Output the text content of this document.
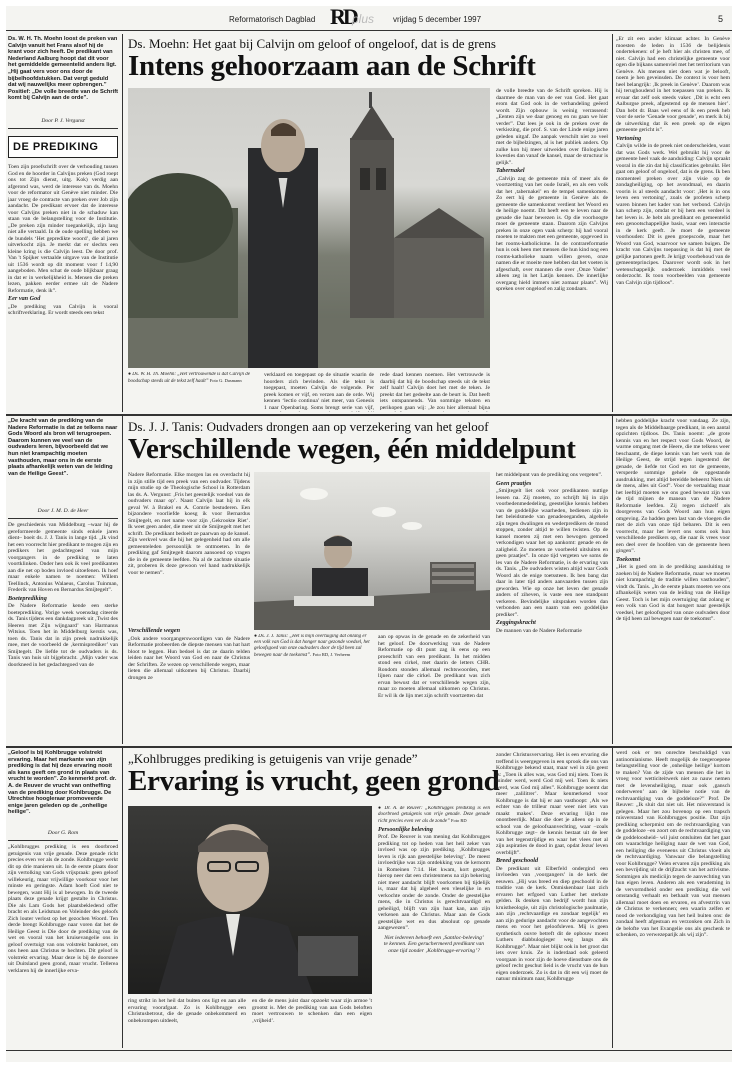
RD
plus
Reformatorisch Dagblad	vrijdag 5 december 1997	5
Ds. W. H. Th. Moehn loost de preken van Calvijn vanuit het Frans alsof hij de krant voor zich heeft. De predikant van Nederland Aalburg hoopt dat dit voor het gemiddelde gemeentelid anders ligt. „Hij gaat vers voor ons door de bijbelhoofdstukken. Dat vergt geduld dat wij nauwelijks meer opbrengen.” Positief: „De volle breedte van de Schrift komt bij Calvijn aan de orde”.
Door P. J. Vergunst
DE PREDIKING

Toen zijn proefschrift over de verhouding tussen God en de hoorder in Calvijns preken (God roept ons tot Zijn dienst, uitg. Kok) verdig aan afgerond was, werd de interesse van ds. Moehn voor de reformator uit Genève niet minder. Die jaar vroeg de contracte van preken over Job zijn aandacht. De predikant ervoer dat de interesse voor Calvijns preken niet in de schaduw kan staan van de belangstelling voor de Institutie. „De preken zijn minder toegankelijk, zijn lang niet alle vertaald. In de oude spelling hebben we de bundels ‘Het geprediktе woord’, die al jaren uitverkocht zijn. Je merkt dat er slechts een kleine kring is die Calvijn leest. De door prof. Van 't Spijker vertaalde uitgave van de Institutie uit 1536 wordt op dit moment voor f 14,90 aangeboden. Men schat de oude blijkbaar graag in dat er in werkelijkheid is. Mensen die preken lezen, pakken eerder ermee uit de Nadere Reformatie, denk ik”.

Eer van God

„De prediking van Calvijn is vooral schriftverklaring. Er wordt steeds een tekst

Ds. Moehn: Het gaat bij Calvijn om geloof of ongeloof, dat is de grens
Intens gehoorzaam aan de Schrift
● Ds. W. H. Th. Moehn: „Het vertrouwende is dat Calvijn de boodschap steeds uit de tekst zelf haalt” Foto G. Dasmann
verklaard en toegepast op de situatie waarin de hoorders zich bevinden. Als die tekst is toegepast, moeten Calvijn de volgende. Per preek komen er vijf, en verzen aan de orde. Wij kennen ‘lectio continua’ niet meer, van Genesis 1 naar Openbaring. Soms brengt serie van vijf,
rede daad kennen noemen. Het vertrouwde is daarbij dat hij de boodschap steeds uit de tekst zelf haalt! Calvijn doet het met de teken. Je preekt dat het gedeelte aan de beurt is. Dat heeft iets ontspannends. Van sommige teksten en perikopen gaan wij: ‚Je zou hier allemaal bijna

de volle breedte van de Schrift spreken. Hij is daarmee de man van de eer van God. Het gaat erom dat God ook in de verhandeling geëerd wordt. Zijn opbouw is weinig verrassend: „Eenten zijn we daar genoeg en nu gaan we hier verder”. Dat lees je ook in de preken over de verkiezing, die prof. S. van der Linde enige jaren geleden uitgaf. De aanpak verschilt niet zo veel met de bijbelzingen, al is het publiek anders. Op zulke kon hij meer uitweiden over filologische kwesties dan vanaf de kansel, maar de structuur is gelijk”.

Tabernakel

„Calvijn zag de gemeente min of meer als de voortzetting van het oude Israël, en als een volk dat het ‚tabernakel’ en de tempel samenkomen. Zo eert hij de gemeente in Genève als de gemeente die samenkomst verdient het Woord en de heilige noemt. Dit heeft een te leven naar de genade die haar bewezen is. Op die voorhoogte moet de gemeente staan. Daarom zijn Calvijns preken in onze ogen vaak scherp: hij had vooral moeten te makten met een gemeente, opgevoed in het rooms-katholicisme. In de contrareformatie hun is ook heen met mensen die hun kind nog een rooms-katholieke naam willen geven, onze namen die er moeite mee hebben dat het voeten is afgeschaft, over mannen die over ‚Onze Vader’ alleen zeg in het Latijn kennen. De innerlijke overgang hield immers niet zomaar plaats”. Wij spreken over ongeloof en zalig zondaars.

„Er zit een ander klimaat achter. In Genève moesten de leden in 1536 de belijdenis ondertekenen: of je heft hier als christen mee, of niet. Calvijn had een christelijke gemeente voor ogen die bijkans samenviel met het territorium van Genève. Als mensen niet doen wat je belooft, noem je hen geveinsden. De context is voor hem heel belangrijk: ‚Ik preek in Genève’. Daarom was hij terughoudend in het toepassen van preken. Ik ervaar dat zelf ook steeds vaker. ‚Dit is echt een Aalburgse preek, afgestemd op de mensen hier’. Dan hebt dr. Baas wel eens of ik een preek heb voor de serie ‘Genade voor genade’, en merk ik bij de uitwerking dat ik een preek op de eigen gemeente gericht is”.

Vertoning

Calvijn wilde in de preek niet onderscheiden, want dat was Gods werk. Wel gebruikt hij voor de gemeente heel vaak de aanduiding: Calvijn spraakt vooral in die zin dat hij classificaties gebruikt. Het gaat om geloof of ongeloof, dat is de grens. Ik ben momenteel preken over zijn visie op de zondagheiliging, op het avondmaal, en daarin voorin is al steeds aandacht voor: ‚Het is in ons leven een vertoning’, zoals de profeten scherp waren binnen het kader van het verbond. Calvijn kan scherp zijn, omdat er bij hem een verdeel is het leven is. Je hebt als predikant en gemeentelid een genootschappelijke basis, waar een interactie in de kerk geeft. Je moet de gemeente voorhouden: Dit is geen groepscode, maar het Woord van God, waarvoor we samen buigen. De kracht van Calvijns toepassing is dat hij met de gelijke partonen geeft. Je krijgt voorbehoud van de gemeenteprincipes. Daarover wordt ook in het wetenschappelijk onderzoek inmiddels veel onderzocht. Ik toon voorbeelden van gemeente van Calvijn zijn tijdloos”.

„De kracht van de prediking van de Nadere Reformatie is dat ze telkens naar Gods Woord als bron wil terugroepen. Daarom kunnen we veel van de oudvaders leren, bijvoorbeeld dat we hun niet krampachtig moeten vasthouden, maar ons in de eerste plaats afhankelijk weten van de leiding van de Heilige Geest”.
Door J. M. D. de Heer

De geschiedenis van Middelburg –waar hij de gereformeerde gemeente sinds enkele jaren dient– boeit ds. J. J. Tanis in lange tijd. „Ik vind het een voorrecht hier predikant te mogen zijn en predikers het gedachtegoed van mijn voorgangers in de prediking te laten voortklinken. Onder hen ook ik veel predikanten aan die net op boden invloed uitoefenen. Ik hoef maar enkele namen te noemen: Willem Teellinck, Antonius Walaeus, Carolus Tuinman, Frederik van Hoven en Bernardus Smijtegelt”.

Boeteprediking

De Nadere Reformatie kende een sterke boeteprediking. Vorige week woensdag citeerde ds. Tanis tijdens een dankdagpreek uit ‚Twist des Heeren met Zijn wijngaard’ van Harmanus Witsius. Toen het in Middelburg kerstis was, toen ds. Tanis dat in zijn preek nadrukkelijk mee, met de voorbeeld de ‚kermisprediker’ van Smijtegelt. De liefde tot de oudvaders is ds. Tanis van huis uit bijgebracht. „Mijn vader was doorkneed in het gedachtegoed van de

Ds. J. J. Tanis: Oudvaders drongen aan op verzekering van het geloof
Verschillende wegen, één middelpunt
Nadere Reformatie. Elke morgen las en overdacht hij in zijn stille tijd een preek van een oudvader. Tijdens mijn studie op de Theologische School in Rotterdam las ds. A. Vergunst: ‚Fris het geestelijk voedsel van de oudvaders maar op’. Naast Calvijn laat hij in elk geval W. à Brakel en A. Comrie bestuderen. Een bijzondere voorliefde koesg ik voor Bernardus Smijtegelt, en met name voor zijn ‚Gekrookte Riet’. Ik weet geen ander, die meer uit de Smijtegelt met het schrift. De predikant bedoelt ze paarwan op de kansel. Zijn werkvel was die hij het gelegenheid had om alle gemeenteleden persoonlijk te ontmoeten. In de prediking gaf Smijtegelt daarom aansoend op vragen die in de gemeente leefden. Na al de zachtste situatie zit, proberen ik deze gewoon vel hand nadrukkelijk voor te nemen”.
● Ds. J. J. Tanis: „Het is mijn overtuiging dat onlang er een volk van God is dat honger naar gezonde voedsel, het geloofsgoed van onze oudvaders door de tijd heen zal bewegen naar de toekomst”. Foto RD, J. Verheem

Verschillende wegen

„Ook andere voorgangerswoordigen van de Nadere Reformatie probeerden de diepste mensen van hat hart bloot te leggen. Hun bedoel is dat ze daarin telden leiden naar het Woord van God en naar de Christus der Schriften. Ze wezen op verschillende wegen, maar lieten die allemaal uitkomen bij Christus. Daarbij drongen ze

aan op opwas in de genade en de zekerheid van het geloof. De doorwerking van de Nadere Reformatie op dit punt zag ik eens op een proeschrift van een predikant. In het midden stond een cirkel, met daarin de letters CHR. Rondom stonden allemaal rechtswoorden, met lijnen naar die cirkel. De predikant was zich ervan bewust dat er verschillende wegen zijn, maar zo moeten allemaal uitkomen op Christus. Er wil ik de lijn met zijn schrift voortzetten dat

het middelpunt van de prediking ons vergeten”.

Geen praatjes

„Smijtegelt liet ook voor predikanten nuttige lessen na. Zij moeten, zo schrijft hij in zijn voorbedenmededeling, geestelijke kennis hebben van de goddelijke waarheden, bedienen zijn in het beleidsmede van genadeoeganden, algehele zijn tegen dwalingen en wederpredikers de mond stoppen, zonder altijd te willen twisten. Op de kansel moeten zij met een bewogen gemoed verkondigen waar het op aankomt: genade en de zaligheid. Zo moeten ze voorbeeld uitsluiten en geen praatjes”. In onze tijd vergeten we soms de les van de Nadere Reformatie, is de ervaring van ds. Tanis. „De oudvaders wisten altijd waar Gods Woord als de enige toetssteen. Ik ben bang dat daar in later tijd anders aanvaarden tussen zijn geworden. Wie op onze het leven der genade anders of ziheven, is vaste een nee standpunt verkeren. Bevindelijke uitspraken worden dan verbonden aan een naam van een goddelijke prediker”.

Zeggingskracht

De mannen van de Nadere Reformatie

hebben goddelijke kracht voor vandaag. Ze zijn, tegen als de Middelbaarge predikant, in een aantal opzichten tijdloos. Ds. Tanis noemt: „de grote kennis van en het respect voor Gods Woord, de warme omgang met de Heere, die me telkens weer beschaamt, de diepe kennis van het werk van de Heilige Geest, de strijd tegen ingestemd der genade, de liefde tot God en tot de gemeente, versperde sommige gehele de opgestande ausdrukking, met altijd bereidde beheerst Niets uit de mens, alles uit God”. Voor de vertaaldag maar het leeftijd moeten we ons goed bewust zijn van de tijd mijnen de manean van de Nadere Reformatie leefden. Zij regen zichzelf als doorgevens van Gods Woord aan hun eigen omgeving. Zo hadden geen last van de vloegen die met de zich van onze tijd bebaren. Dit is een voorrecht, maar het levert ons soms ook hun verschillende predikers op, die naar ik vrees voor een deel over de hoofden van de gemeente heen gingen”.

Toekomst

„Het is goed om in de prediking aansluiting te zoeken bij de Nadere Reformatie, maar we moeten niet krampachtig de traditie willen vasthouden”, vindt ds. Tanis. „In de eerste plaats moeten we ons afhankelijk weten van de leiding van de Heilige Geest. Toch is het mijn overtuiging dat zolang er een volk van God is dat hongert naar geestelijk voedsel, het geloofsgoed van onze oudvaders door de tijd heen zal bewegen naar de toekomst”.

„Geloof is bij Kohlbrugge volstrekt ervaring. Maar het markante van zijn prediking is dat hij deze ervaring nooit als kans geeft om grond in plaats van vrucht te worden”. Zo kenmerkt prof. dr. A. de Reuver de vrucht van ontheffing van de prediking door Kohlbrugge. De Utrechtse hoogleraar promoveerde enige jaren geleden op de „onheilige heilige”.
Door G. Rom
„Kohlbrugges prediking is een doorbroed getuigenis van vrije genade. Deze genade richt precies even ver als de zonde. Kohlbrugge werkt dit op drie manieren uit. In de eerste plaats door zijn vertolking van Gods vrijspraak: geen geloof willekeurig, maar vrijwillige voorkour voor het minste en geringste. Adam hoeft God niet te bewegen, want Hij is al bewogen. In de tweede plaats deze genade krijgt gestalte in Christus. Die als Lam Gods het plaatsbekledend offer bracht en als Leidsman en Voleinder des geloofs Zich louter verlost op het gezochen Woord. Ten derde brengt Kohlbrugge naar voren dat het de Heilige Geest is Die door de prediking van de wet en vooral van het kruisevangelie ons in geloof overtuigt van ons volstrekt bankroet, om ons heen aan Christus te hechten. Dit geloof is volstrekt ervaring. Maar deze is bij de doorsnee uit Duitsland geen grond, maar vrucht. Tellerea verklaren hij de innerlijke erva-
„Kohlbrugges prediking is getuigenis van vrije genade”
Ervaring is vrucht, geen grond
ring strikt in het heil dat buiten ons ligt en aan alle ervaring voorafgaat. Zo is Kohlbrugge een Christusbetrout, die de genade onbekommerd en onbekrompen uitdeelt,
en die de mens juist daar opzoekt waar zijn armoe 't grootst is. Met de prediking van aan Gods beloften moet vertrouwen te schenken dan een eigen ‚vrijheid’.

● Dr. A. de Reuver: „Kohlbrugges prediking is een doorbroed getuigenis van vrije genade. Deze genade richt precies even ver als de zonde” Foto RD

Persoonlijke beleving

Prof. De Reuver is van mening dat Kohlbrugges prediking tot op heden van het heil zeker van invloed was op zijn prediking. ‚Kohlbrugges leven is rijk aan geestelijke beleving’. De meest invloedrijke was zijn ontdekking van de kernorm in Romeinen 7:14. Het kwam, kort gezegd, hierop neer dat een christenmens na zijn bekering niet meer aandacht blijft voorkomen bij tijdelijk is, maar dat hij algeheel een vleselijke in en verkochte onder de zonde. Onder de geestelijke mens, die in Christus is gerechtvaardigd en geheiligd, blijft van zijn haat kan, aan zijn verkenen aan de Christus. Maar aan de Gods geestelijke wet en dus absoluut op genade aangewezen”.

Niet iedereen behoeft een ‚Santloc-beleving’ te kennen. Een geruchermeerd predikant van onze tijd zonder ‚Kohlbrugge-ervaring’?

zonder Christusvervaring. Het is een ervaring die treffend is weergegeven in een sprook die ons van Kohlbrugge bekend staat, maar wel in zijn geest is: „Toen ik alles was, was God mij niets. Toen ik minder werd, werd God mij wel. Toen ik niets werd, was God mij alles”. Kohlbrugge noemt dat meer ‚zalilitrer’. Maar kenmerkend voor Kohlbrugge is dat hij er aan vasthoopt: ‚Als we echter van de trilleur maar weer niet iets van maakt makes’. Deze ervaring lijkt me onontbeerlijk. Maar die doet je alleen op in de school van de geloofsaanvechting, waar –zoals Kohlbrugge zegt– de kennis bestaat uit de leer van het tegenstrijdige en waar het vlees met al zijn aspiraties de dood in gaat, opdat Jezus' leven overblijft”.

Breed geschoold

De predikant uit Elberfeld ondergind een invloeden van ‚voorgangers’ in de kerk der eeuwen. „Hij was breed en diep geschoold in de traditie van de kerk. Onmiskenbaar laat zich ervaren het erfgoed van Luther het sterkste gelden. Ik denken van bedrijf wordt hun zijn kruistheologie, uit zijn christologische paulmatie, aan zijn ‚rechtvaardige en zondaar tegelijk’ en aan zijn gedurige aandacht voor de aangevochten mens en voor het geloofsleven. Mij is geen synthetisch ouvre betreft dit de opbouw moest Luthers diabbulogieger weg langs als Kohlbrugge”. Maar niet blijkt ook in het groot dat iets over kruis. Ze is inderdaad ook geleerd voorgaan in voor zijn de hoeve dienstbare ons de geloof recht geschut lieid is de vrucht van de hun eigen onderzoek. Zo is dat in dit een wij moet de natuur minimum naar, Kohlbrugge

werd ook er ten onrechte beschuldigd van antinomianisme. Heeft mogelijk de toegeroepene belangstelling voor de ‚onheilige heilige’ kortom te maken? Van de zijde van mensen die het in vroeg voor wetticiteitwerk niet zo nauw nemen met de levensheiliging, maar ook ‚gansch onderweren’ aan de bijbelse notie van de rechtvaardiging van de goddeloze?” Prof. De Reuver: „Ik sluit dat niet uit. Het misverstand is gelegen. Maar het zou bovenop op een trapsch misverstand van Kohlbrugges positie. Dat zijn prediking scherpmist om de rechtvaardiging van de goddeloze –en zoort om de rechtvaardiging van de goddeloosheid– wil juist ontsluiten dat het gaat om waarachtige heiliging naar de wet van God, een heiliging die eveneens uit Christus vloeit als de rechtvaardiging. Vanwaar die belangstelling voor Kohlbrugge? Velen ervaren zijn prediking als een bevrijding uit de drijfzucht van het activisme. Sommigen als mediciijn tegen de aanvechting van hun eigen leven. Anderen als een verademing in de vervormdheid onder een prediking die wel omstandig verhaalt en bethaalt van wat mensen allemaal moet doen en ervaren, en afvestrrin van de Christus te verkennen; een waarin zelfen er nood de verkondiging van het heil buiten ons: de zondaal heeft afgestuan en verzonken om Zich in de belofte van het Evangelie ons als geschenk te schenken, zo verwezeparijk als wij zijn”.
